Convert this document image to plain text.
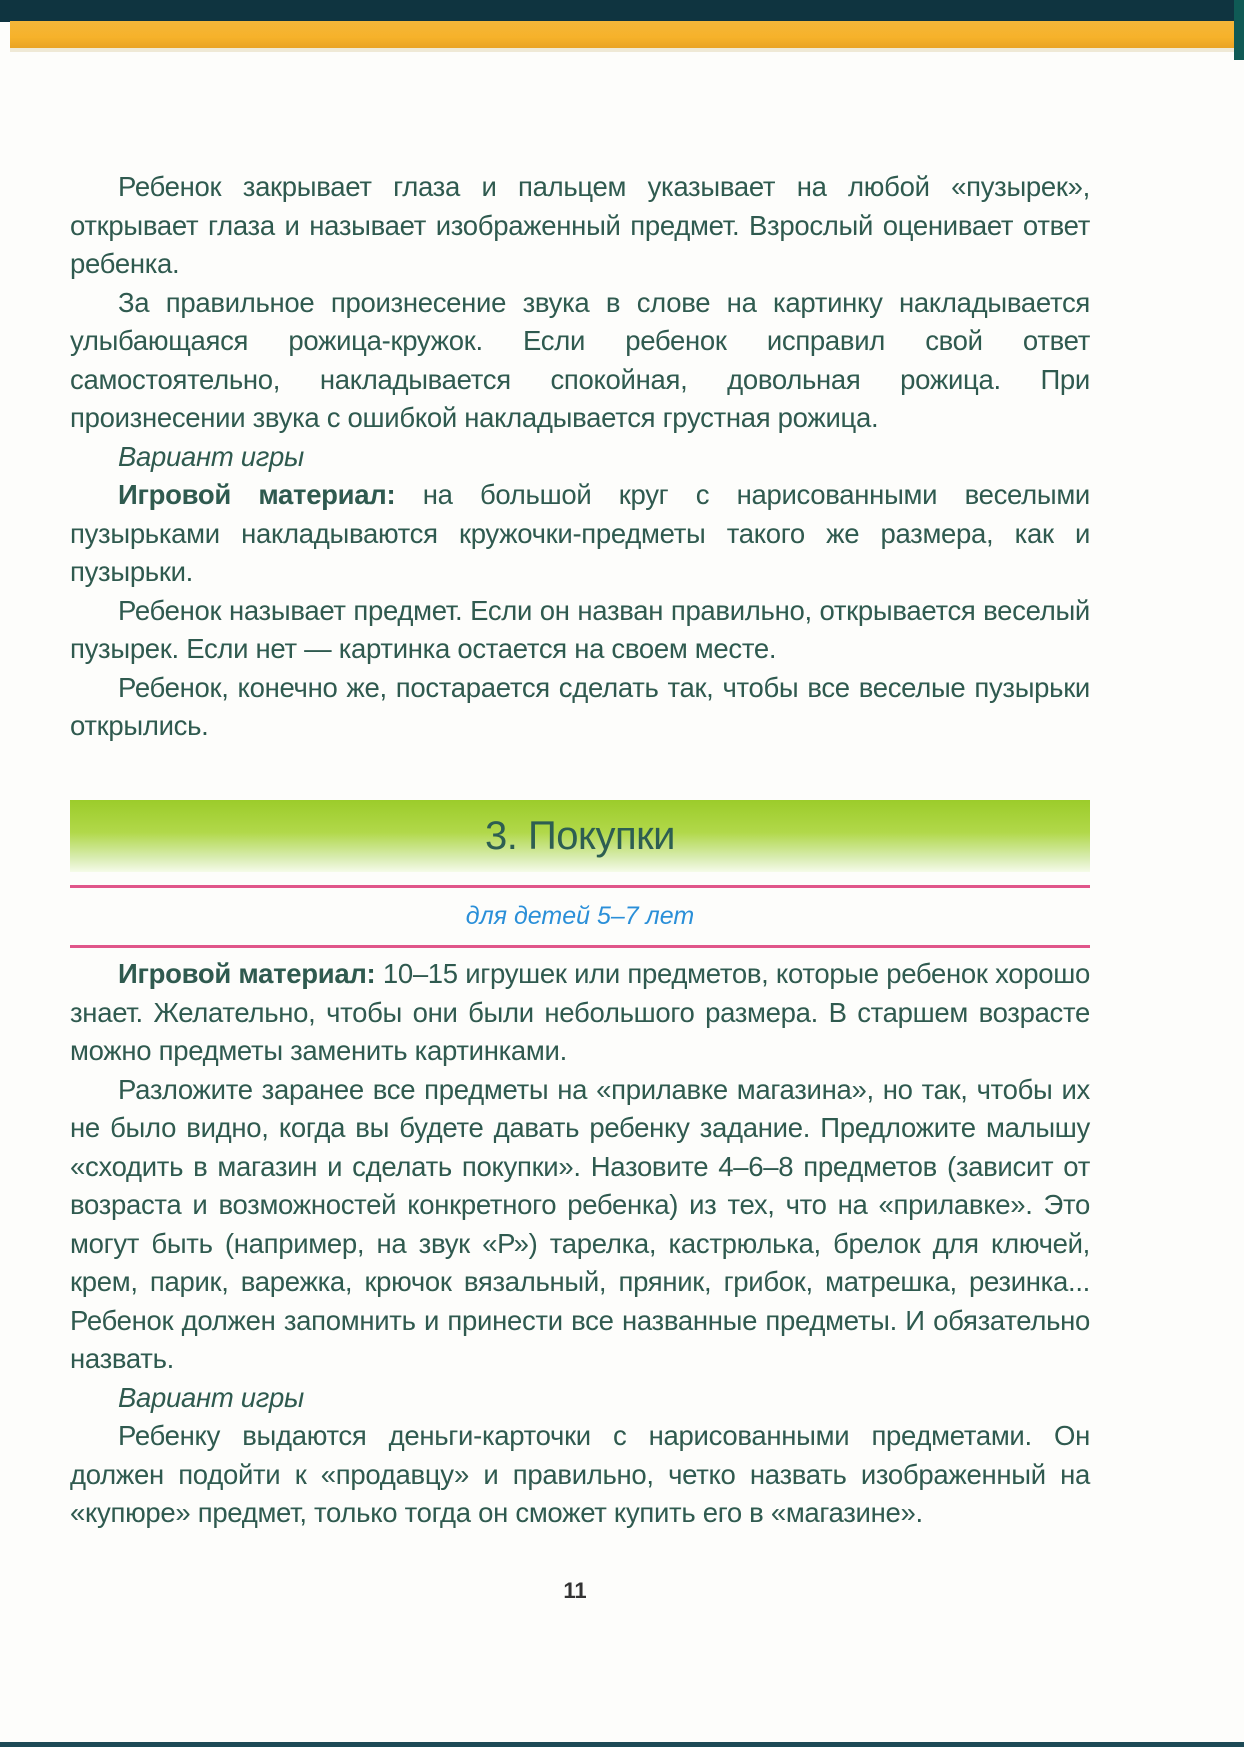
Ребенок закрывает глаза и пальцем указывает на любой «пузырек», открывает глаза и называет изображенный предмет. Взрослый оценивает ответ ребенка.

За правильное произнесение звука в слове на картинку накладывается улыбающаяся рожица-кружок. Если ребенок исправил свой ответ самостоятельно, накладывается спокойная, довольная рожица. При произнесении звука с ошибкой накладывается грустная рожица.

Вариант игры

Игровой материал: на большой круг с нарисованными веселыми пузырьками накладываются кружочки-предметы такого же размера, как и пузырьки.

Ребенок называет предмет. Если он назван правильно, открывается веселый пузырек. Если нет — картинка остается на своем месте.

Ребенок, конечно же, постарается сделать так, чтобы все веселые пузырьки открылись.

3. Покупки
для детей 5–7 лет

Игровой материал: 10–15 игрушек или предметов, которые ребенок хорошо знает. Желательно, чтобы они были небольшого размера. В старшем возрасте можно предметы заменить картинками.

Разложите заранее все предметы на «прилавке магазина», но так, чтобы их не было видно, когда вы будете давать ребенку задание. Предложите малышу «сходить в магазин и сделать покупки». Назовите 4–6–8 предметов (зависит от возраста и возможностей конкретного ребенка) из тех, что на «прилавке». Это могут быть (например, на звук «Р») тарелка, кастрюлька, брелок для ключей, крем, парик, варежка, крючок вязальный, пряник, грибок, матрешка, резинка... Ребенок должен запомнить и принести все названные предметы. И обязательно назвать.

Вариант игры

Ребенку выдаются деньги-карточки с нарисованными предметами. Он должен подойти к «продавцу» и правильно, четко назвать изображенный на «купюре» предмет, только тогда он сможет купить его в «магазине».

11
